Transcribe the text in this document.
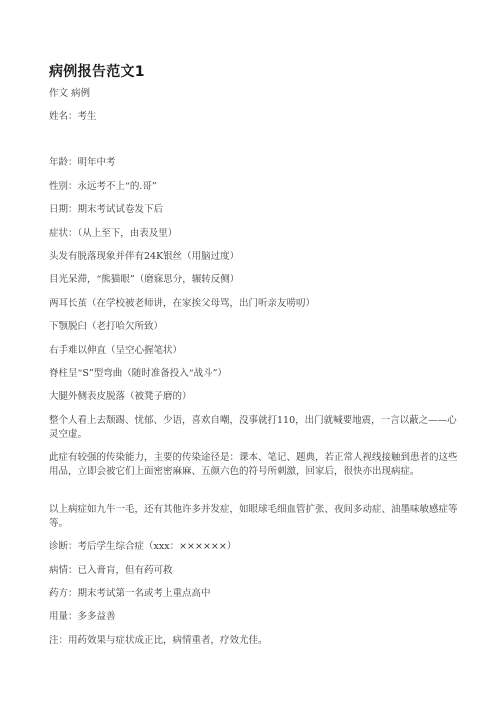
病例报告范文1
作文 病例
姓名：考生
年龄：明年中考
性别：永远考不上“的.哥”
日期：期末考试试卷发下后
症状：（从上至下，由表及里）
头发有脱落现象并伴有24K银丝（用脑过度）
目光呆滞，“熊猫眼”（磨寐思分，辗转反侧）
两耳长茧（在学校被老师讲，在家挨父母骂，出门听亲友唠叨）
下颚脱臼（老打哈欠所致）
右手难以伸直（呈空心握笔状）
脊柱呈“S”型弯曲（随时准备投入“战斗”）
大腿外侧表皮脱落（被凳子磨的）
整个人看上去颓踢、忧郁、少语，喜欢自嘲，没事就打110，出门就喊要地震，一言以蔽之——心灵空虚。
此症有较强的传染能力，主要的传染途径是：课本、笔记、题典，若正常人视线接触到患者的这些用品，立即会被它们上面密密麻麻、五颜六色的符号所刺激，回家后，很快亦出现病症。
以上病症如九牛一毛，还有其他许多并发症，如眼球毛细血管扩张、夜间多动症、油墨味敏感症等等。
诊断：考后学生综合症（xxx：××××××）
病情：已入膏肓，但有药可救
药方：期末考试第一名或考上重点高中
用量：多多益善
注：用药效果与症状成正比，病情重者，疗效尤佳。
